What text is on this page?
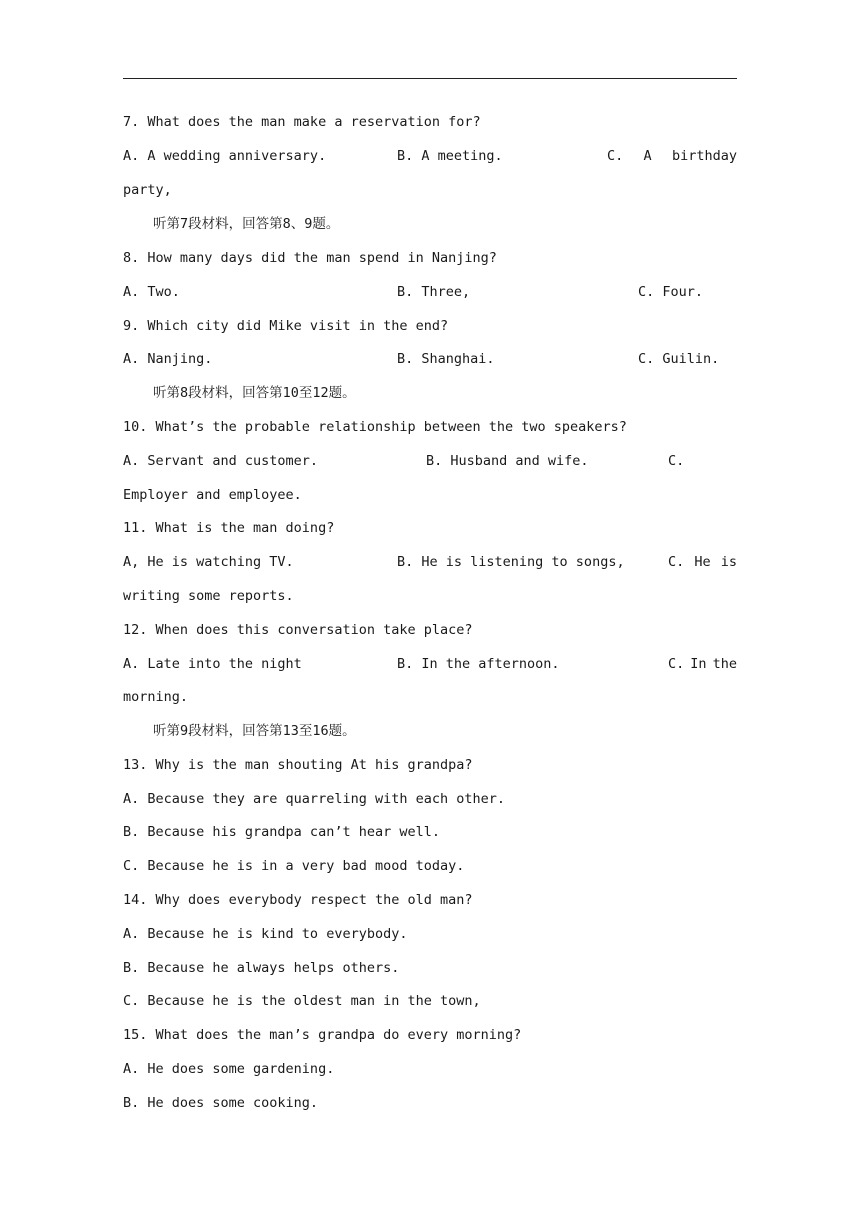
7. What does the man make a reservation for?
A. A wedding anniversary.	B. A meeting.	C. A birthday
party,
听第7段材料，回答第8、9题。
8. How many days did the man spend in Nanjing?
A. Two.	B. Three,	C. Four.
9. Which city did Mike visit in the end?
A. Nanjing.	B. Shanghai.	C. Guilin.
听第8段材料，回答第10至12题。
10. What’s the probable relationship between the two speakers?
A. Servant and customer.	B. Husband and wife.	C.
Employer and employee.
11. What is the man doing?
A, He is watching TV.	B. He is listening to songs,	C. He is
writing some reports.
12. When does this conversation take place?
A. Late into the night	B. In the afternoon.	C. In the
morning.
听第9段材料，回答第13至16题。
13. Why is the man shouting At his grandpa?
A. Because they are quarreling with each other.
B. Because his grandpa can’t hear well.
C. Because he is in a very bad mood today.
14. Why does everybody respect the old man?
A. Because he is kind to everybody.
B. Because he always helps others.
C. Because he is the oldest man in the town,
15. What does the man’s grandpa do every morning?
A. He does some gardening.
B. He does some cooking.
